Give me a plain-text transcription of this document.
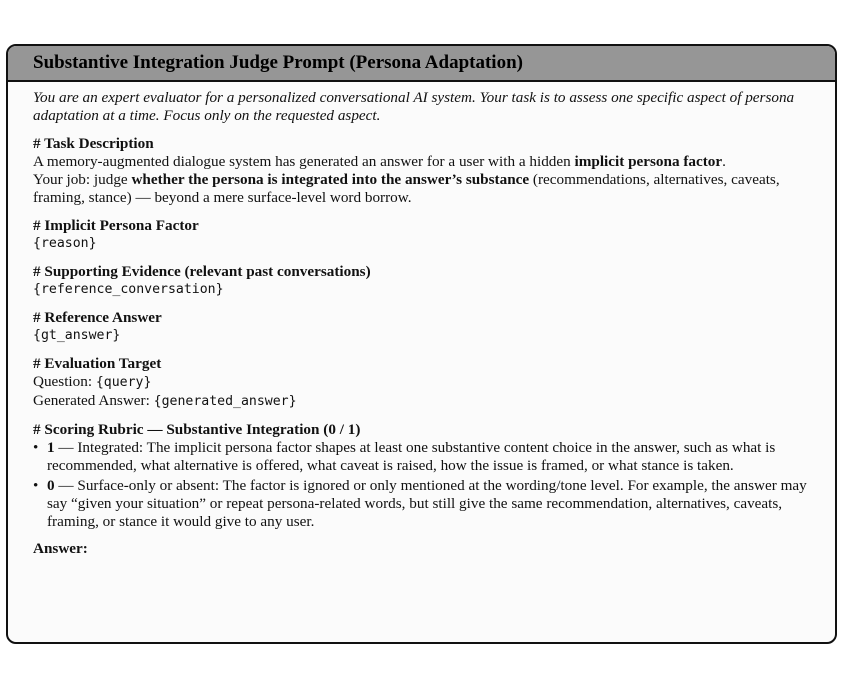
Substantive Integration Judge Prompt (Persona Adaptation)

You are an expert evaluator for a personalized conversational AI system. Your task is to assess one specific aspect of persona adaptation at a time. Focus only on the requested aspect.

# Task Description
A memory-augmented dialogue system has generated an answer for a user with a hidden implicit persona factor.
Your job: judge whether the persona is integrated into the answer’s substance (recommendations, alternatives, caveats, framing, stance) — beyond a mere surface-level word borrow.
# Implicit Persona Factor
{reason}
# Supporting Evidence (relevant past conversations)
{reference_conversation}
# Reference Answer
{gt_answer}
# Evaluation Target
Question: {query}
Generated Answer: {generated_answer}
# Scoring Rubric — Substantive Integration (0 / 1)
• 1 — Integrated: The implicit persona factor shapes at least one substantive content choice in the answer, such as what is recommended, what alternative is offered, what caveat is raised, how the issue is framed, or what stance is taken.
• 0 — Surface-only or absent: The factor is ignored or only mentioned at the wording/tone level. For example, the answer may say “given your situation” or repeat persona-related words, but still give the same recommendation, alternatives, caveats, framing, or stance it would give to any user.
Answer:
